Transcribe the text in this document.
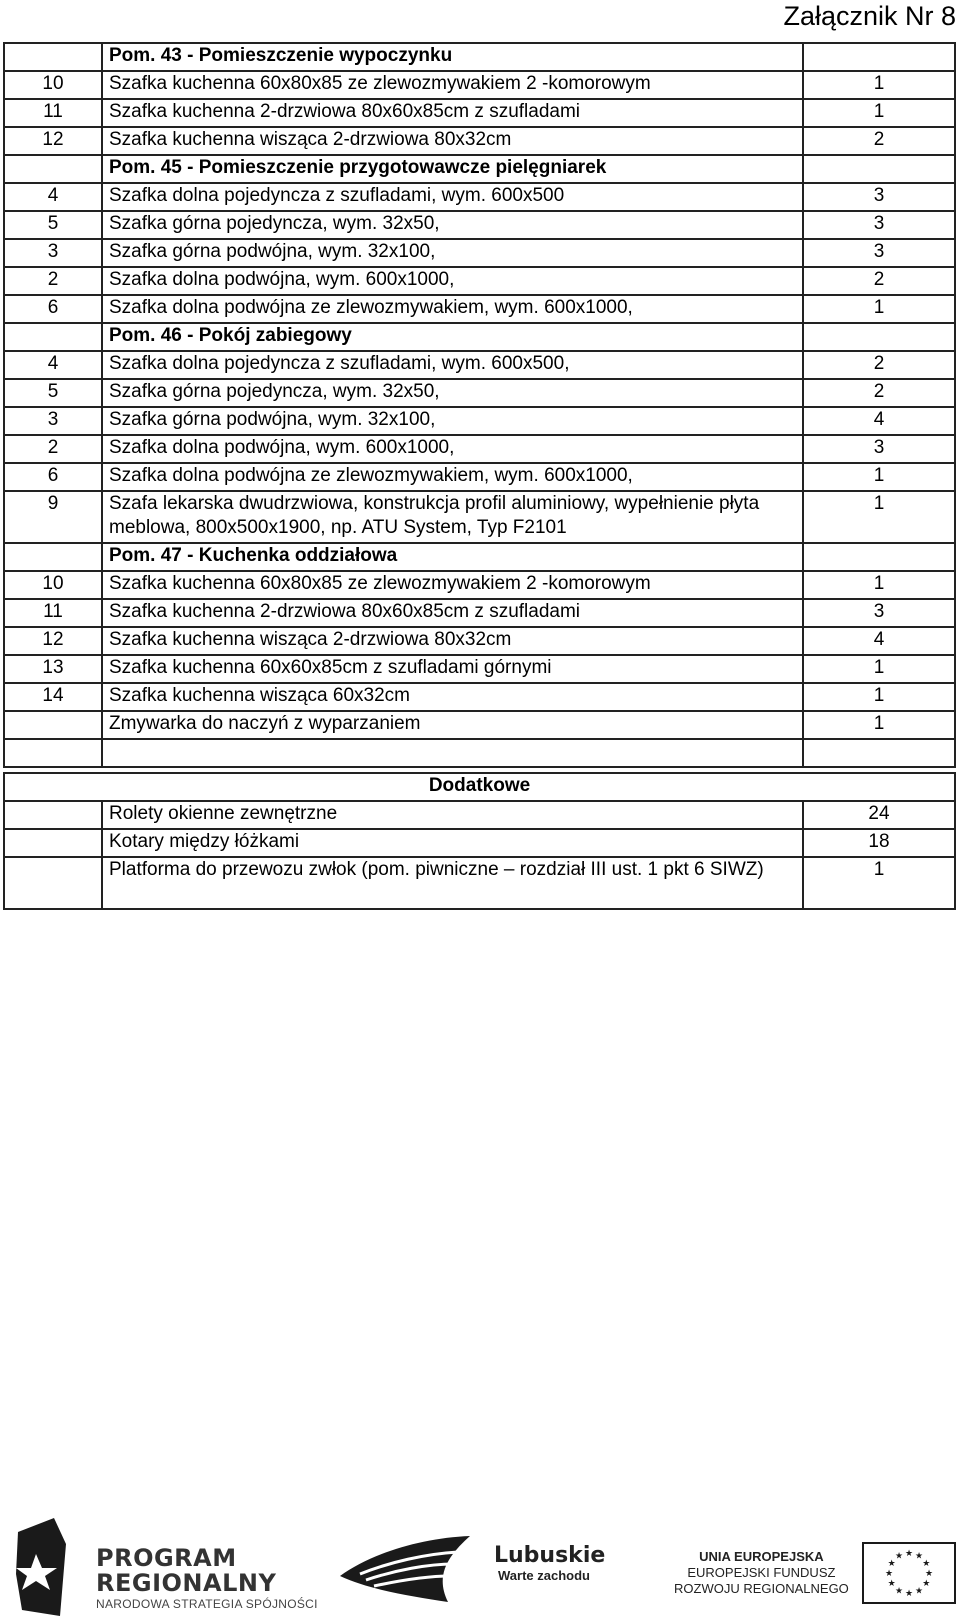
Załącznik Nr 8
	Pom. 43 - Pomieszczenie wypoczynku	
10	Szafka kuchenna 60x80x85 ze zlewozmywakiem 2 -komorowym	1
11	Szafka kuchenna 2-drzwiowa 80x60x85cm z szufladami	1
12	Szafka kuchenna wisząca 2-drzwiowa 80x32cm	2
	Pom. 45 - Pomieszczenie przygotowawcze pielęgniarek	
4	Szafka dolna pojedyncza z szufladami, wym. 600x500	3
5	Szafka górna pojedyncza, wym. 32x50,	3
3	Szafka górna podwójna, wym. 32x100,	3
2	Szafka dolna podwójna, wym. 600x1000,	2
6	Szafka dolna podwójna ze zlewozmywakiem, wym. 600x1000,	1
	Pom. 46 - Pokój zabiegowy	
4	Szafka dolna pojedyncza z szufladami, wym. 600x500,	2
5	Szafka górna pojedyncza, wym. 32x50,	2
3	Szafka górna podwójna, wym. 32x100,	4
2	Szafka dolna podwójna, wym. 600x1000,	3
6	Szafka dolna podwójna ze zlewozmywakiem, wym. 600x1000,	1
9	Szafa lekarska dwudrzwiowa, konstrukcja profil aluminiowy, wypełnienie płyta meblowa, 800x500x1900, np. ATU System, Typ F2101	1
	Pom. 47 - Kuchenka oddziałowa	
10	Szafka kuchenna 60x80x85 ze zlewozmywakiem 2 -komorowym	1
11	Szafka kuchenna 2-drzwiowa 80x60x85cm z szufladami	3
12	Szafka kuchenna wisząca 2-drzwiowa 80x32cm	4
13	Szafka kuchenna 60x60x85cm z szufladami górnymi	1
14	Szafka kuchenna wisząca 60x32cm	1
	Zmywarka do naczyń z wyparzaniem	1

Dodatkowe		
	Rolety okienne zewnętrzne	24
	Kotary między łóżkami	18
	Platforma do przewozu zwłok (pom. piwniczne – rozdział III ust. 1 pkt 6 SIWZ)	1
PROGRAM
REGIONALNY
NARODOWA STRATEGIA SPÓJNOŚCI
Lubuskie
Warte zachodu
UNIA EUROPEJSKA
EUROPEJSKI FUNDUSZ
ROZWOJU REGIONALNEGO
★
★
★
★
★
★
★
★
★ ★ ★
★
